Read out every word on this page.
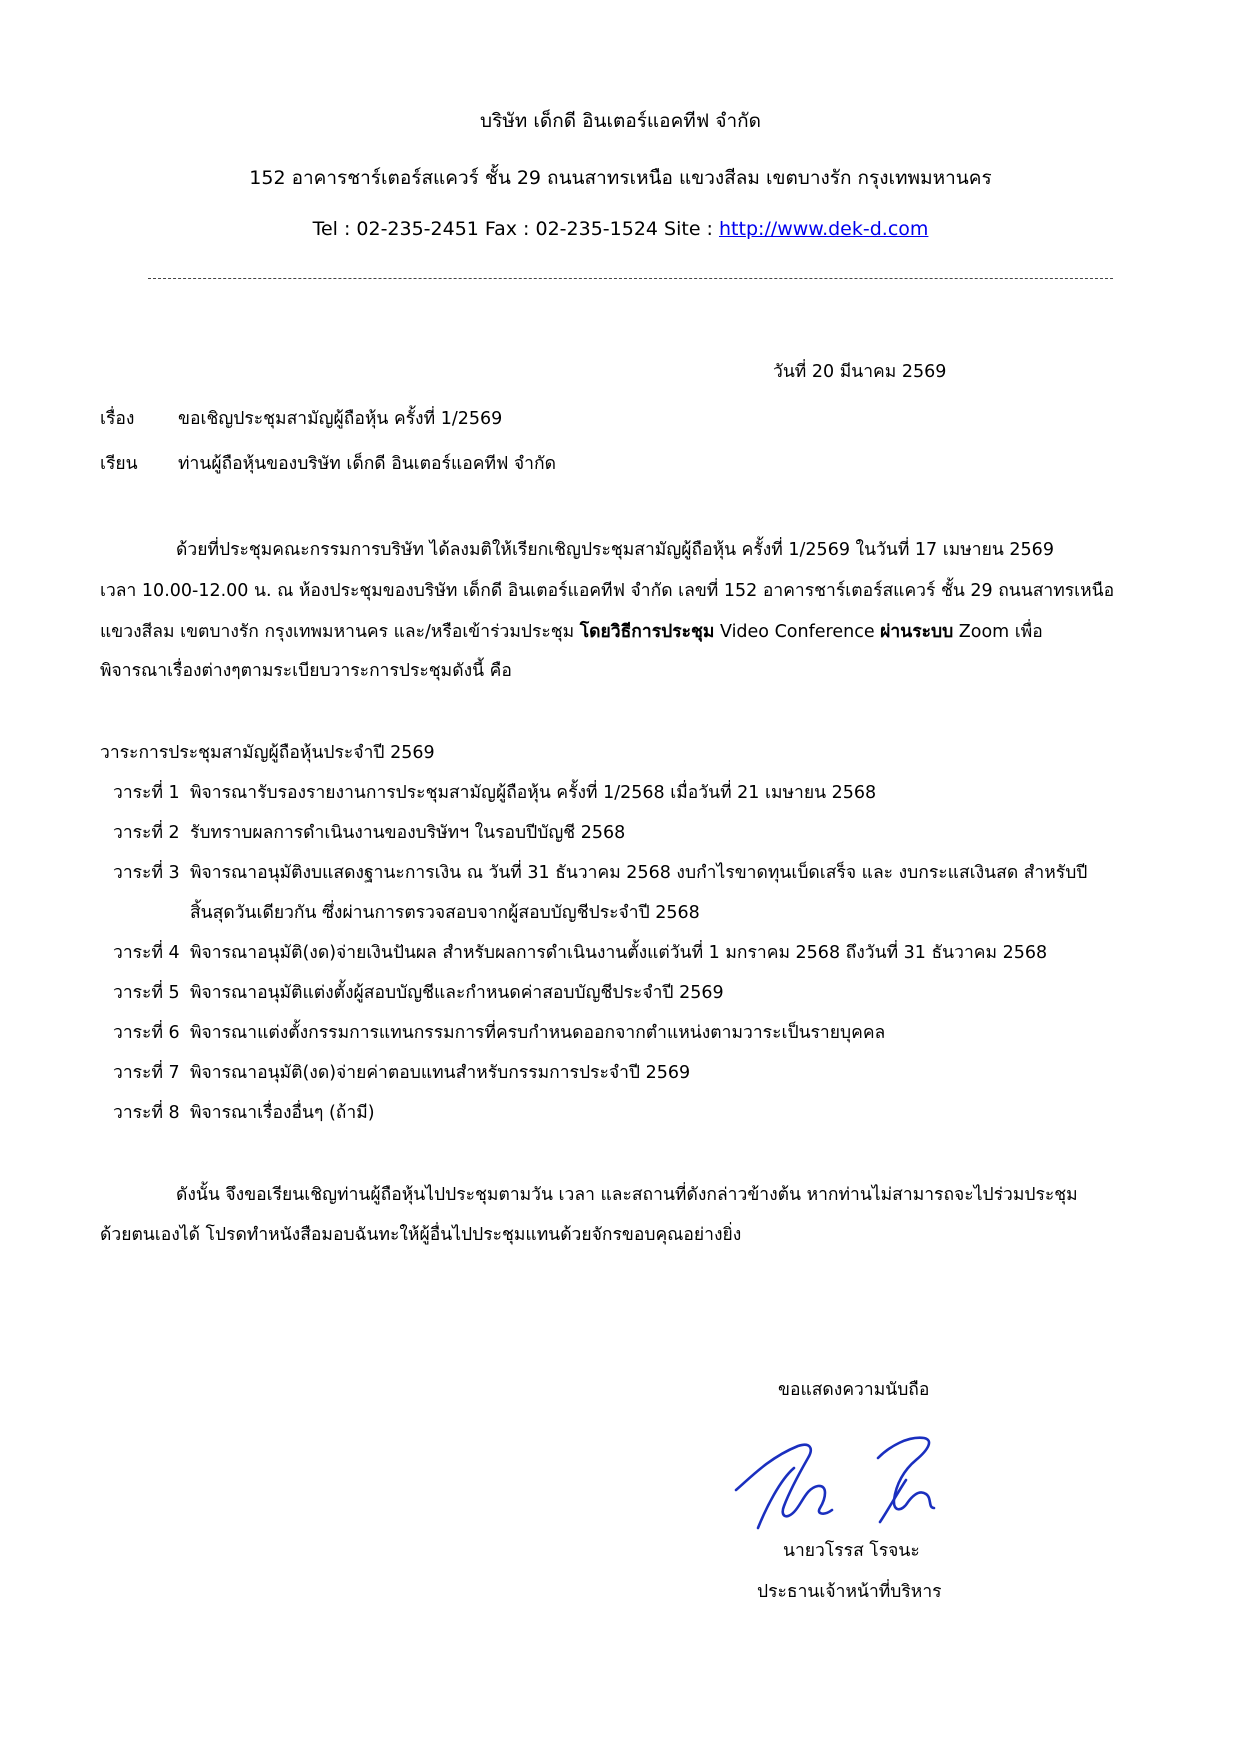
บริษัท เด็กดี อินเตอร์แอคทีฟ จำกัด
152 อาคารชาร์เตอร์สแควร์ ชั้น 29 ถนนสาทรเหนือ แขวงสีลม เขตบางรัก กรุงเทพมหานคร
Tel : 02-235-2451 Fax : 02-235-1524 Site : http://www.dek-d.com
วันที่ 20 มีนาคม 2569
เรื่อง ขอเชิญประชุมสามัญผู้ถือหุ้น ครั้งที่ 1/2569
เรียน ท่านผู้ถือหุ้นของบริษัท เด็กดี อินเตอร์แอคทีฟ จำกัด
ด้วยที่ประชุมคณะกรรมการบริษัท ได้ลงมติให้เรียกเชิญประชุมสามัญผู้ถือหุ้น ครั้งที่ 1/2569 ในวันที่ 17 เมษายน 2569
เวลา 10.00-12.00 น. ณ ห้องประชุมของบริษัท เด็กดี อินเตอร์แอคทีฟ จำกัด เลขที่ 152 อาคารชาร์เตอร์สแควร์ ชั้น 29 ถนนสาทรเหนือ
แขวงสีลม เขตบางรัก กรุงเทพมหานคร และ/หรือเข้าร่วมประชุม โดยวิธีการประชุม Video Conference ผ่านระบบ Zoom เพื่อ
พิจารณาเรื่องต่างๆตามระเบียบวาระการประชุมดังนี้ คือ
วาระการประชุมสามัญผู้ถือหุ้นประจำปี 2569
วาระที่ 1 พิจารณารับรองรายงานการประชุมสามัญผู้ถือหุ้น ครั้งที่ 1/2568 เมื่อวันที่ 21 เมษายน 2568
วาระที่ 2 รับทราบผลการดำเนินงานของบริษัทฯ ในรอบปีบัญชี 2568
วาระที่ 3 พิจารณาอนุมัติงบแสดงฐานะการเงิน ณ วันที่ 31 ธันวาคม 2568 งบกำไรขาดทุนเบ็ดเสร็จ และ งบกระแสเงินสด สำหรับปี
สิ้นสุดวันเดียวกัน ซึ่งผ่านการตรวจสอบจากผู้สอบบัญชีประจำปี 2568
วาระที่ 4 พิจารณาอนุมัติ(งด)จ่ายเงินปันผล สำหรับผลการดำเนินงานตั้งแต่วันที่ 1 มกราคม 2568 ถึงวันที่ 31 ธันวาคม 2568
วาระที่ 5 พิจารณาอนุมัติแต่งตั้งผู้สอบบัญชีและกำหนดค่าสอบบัญชีประจำปี 2569
วาระที่ 6 พิจารณาแต่งตั้งกรรมการแทนกรรมการที่ครบกำหนดออกจากตำแหน่งตามวาระเป็นรายบุคคล
วาระที่ 7 พิจารณาอนุมัติ(งด)จ่ายค่าตอบแทนสำหรับกรรมการประจำปี 2569
วาระที่ 8 พิจารณาเรื่องอื่นๆ (ถ้ามี)
ดังนั้น จึงขอเรียนเชิญท่านผู้ถือหุ้นไปประชุมตามวัน เวลา และสถานที่ดังกล่าวข้างต้น หากท่านไม่สามารถจะไปร่วมประชุม
ด้วยตนเองได้ โปรดทำหนังสือมอบฉันทะให้ผู้อื่นไปประชุมแทนด้วยจักรขอบคุณอย่างยิ่ง
ขอแสดงความนับถือ
นายวโรรส โรจนะ
ประธานเจ้าหน้าที่บริหาร
